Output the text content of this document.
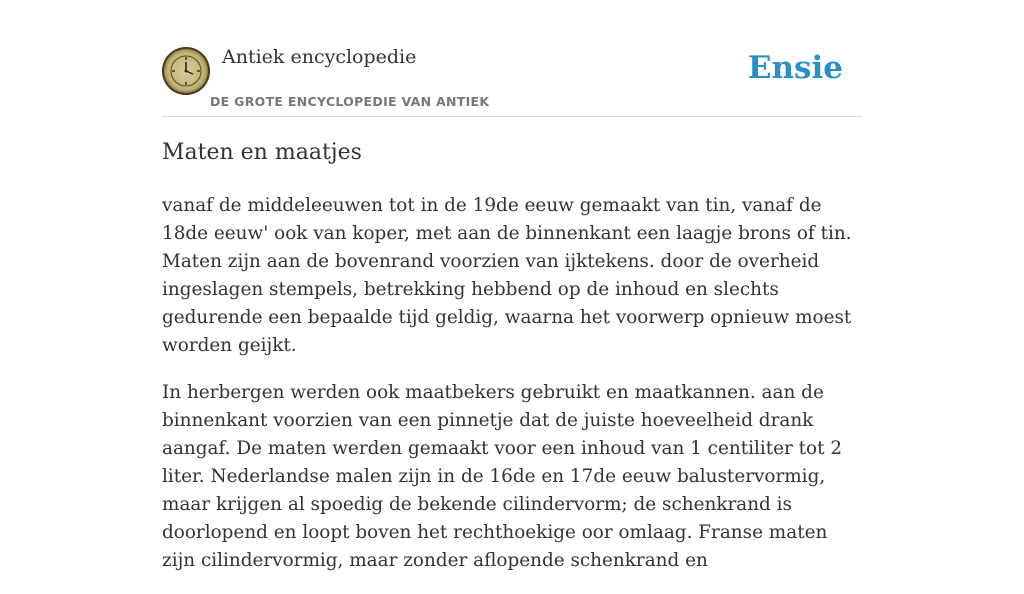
Antiek encyclopedie
DE GROTE ENCYCLOPEDIE VAN ANTIEK
Ensie
Maten en maatjes

vanaf de middeleeuwen tot in de 19de eeuw gemaakt van tin, vanaf de 18de eeuw' ook van koper, met aan de binnenkant een laagje brons of tin. Maten zijn aan de bovenrand voorzien van ijktekens. door de overheid ingeslagen stempels, betrekking hebbend op de inhoud en slechts gedurende een bepaalde tijd geldig, waarna het voorwerp opnieuw moest worden geijkt.

In herbergen werden ook maatbekers gebruikt en maatkannen. aan de binnenkant voorzien van een pinnetje dat de juiste hoeveelheid drank aangaf. De maten werden gemaakt voor een inhoud van 1 centiliter tot 2 liter. Nederlandse malen zijn in de 16de en 17de eeuw balustervormig, maar krijgen al spoedig de bekende cilindervorm; de schenkrand is doorlopend en loopt boven het rechthoekige oor omlaag. Franse maten zijn cilindervormig, maar zonder aflopende schenkrand en
